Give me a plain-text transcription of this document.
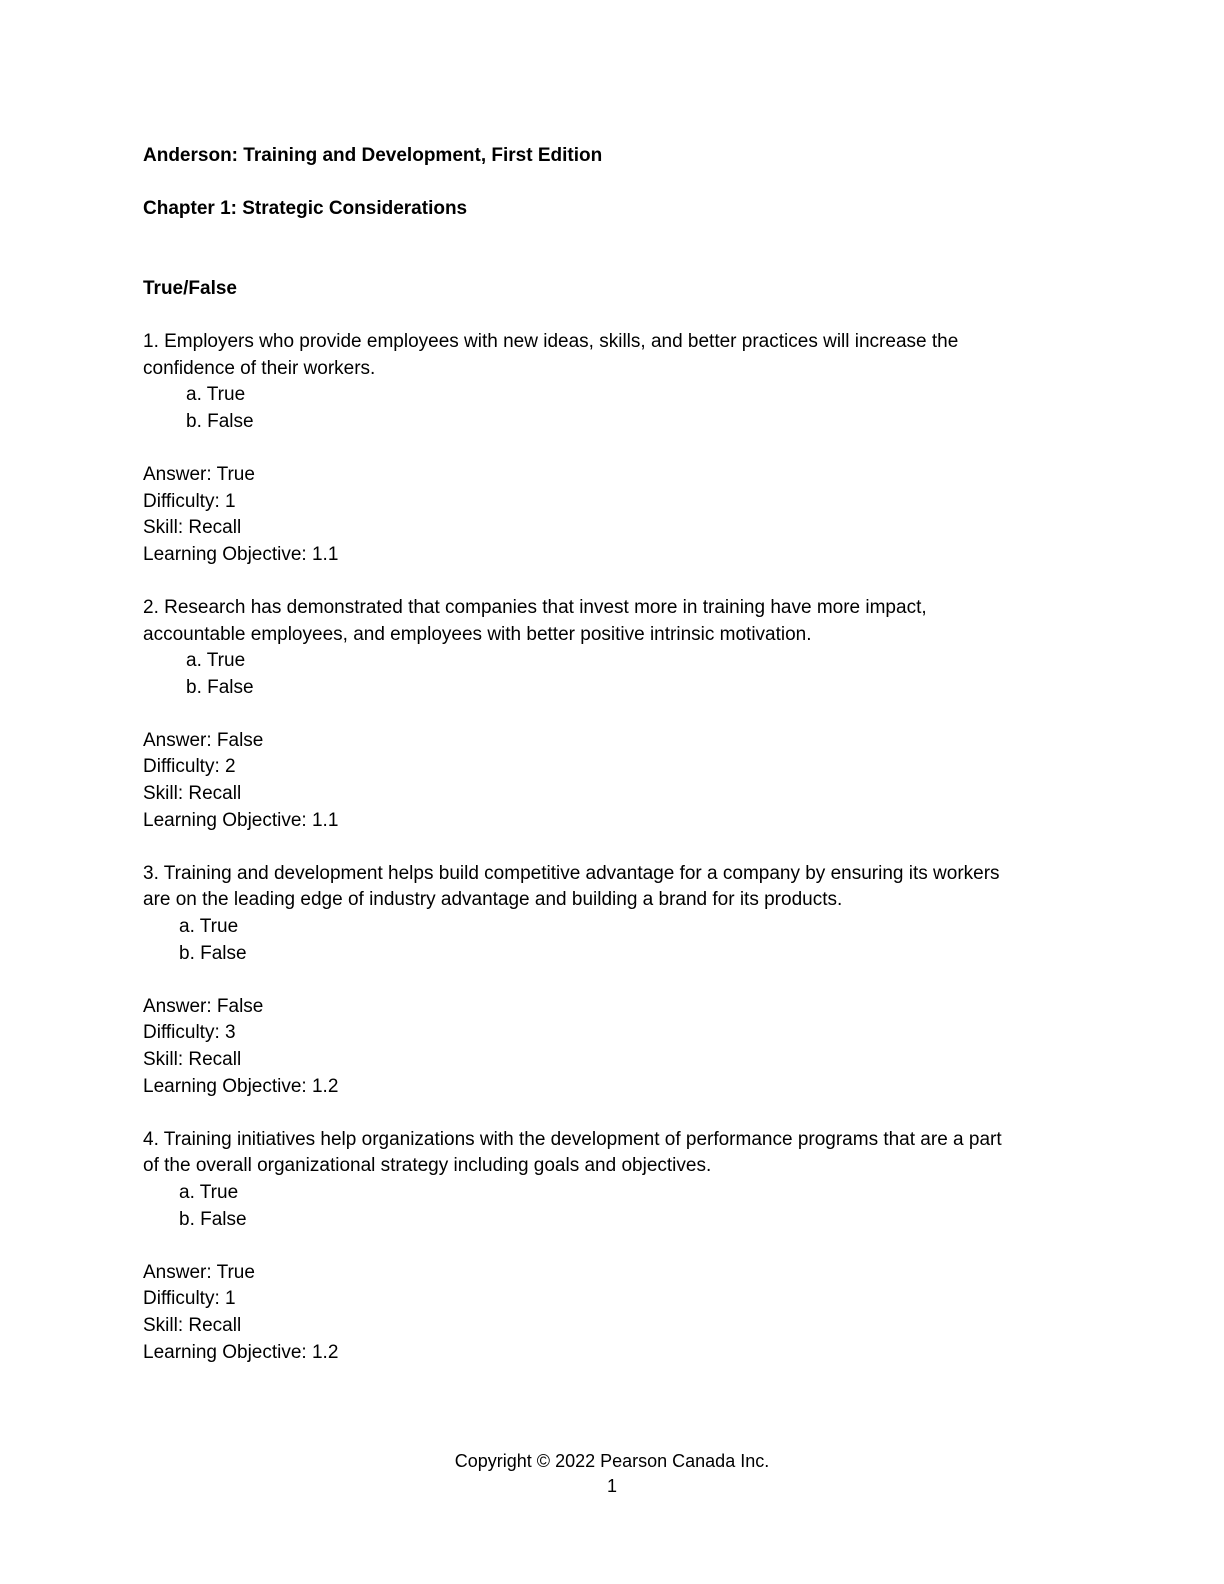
Anderson: Training and Development, First Edition

Chapter 1: Strategic Considerations

True/False

1. Employers who provide employees with new ideas, skills, and better practices will increase the

confidence of their workers.

a. True
b. False

Answer: True

Difficulty: 1

Skill: Recall

Learning Objective: 1.1

2. Research has demonstrated that companies that invest more in training have more impact,

accountable employees, and employees with better positive intrinsic motivation.

a. True
b. False

Answer: False

Difficulty: 2

Skill: Recall

Learning Objective: 1.1

3. Training and development helps build competitive advantage for a company by ensuring its workers

are on the leading edge of industry advantage and building a brand for its products.

a. True
b. False

Answer: False

Difficulty: 3

Skill: Recall

Learning Objective: 1.2

4. Training initiatives help organizations with the development of performance programs that are a part

of the overall organizational strategy including goals and objectives.

a. True
b. False

Answer: True

Difficulty: 1

Skill: Recall

Learning Objective: 1.2

Copyright © 2022 Pearson Canada Inc.

1
